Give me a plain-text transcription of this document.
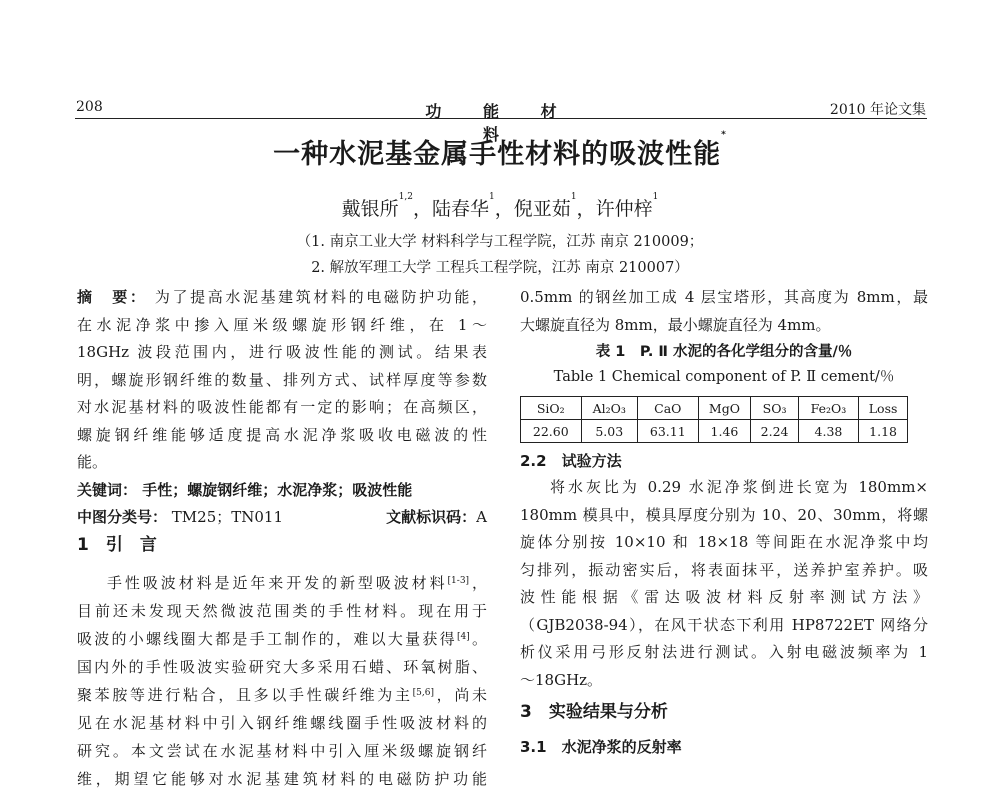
208	功 能 材 料
2010 年论文集
一种水泥基金属手性材料的吸波性能*
戴银所$^{1,2}$，陆春华$^1$，倪亚茹$^1$，许仲梓$^1$
（1. 南京工业大学 材料科学与工程学院，江苏 南京 210009；
2. 解放军理工大学 工程兵工程学院，江苏 南京 210007）
摘　要： 为了提高水泥基建筑材料的电磁防护功能，
在水泥净浆中掺入厘米级螺旋形钢纤维，在 1～
18GHz 波段范围内，进行吸波性能的测试。结果表
明，螺旋形钢纤维的数量、排列方式、试样厚度等参数
对水泥基材料的吸波性能都有一定的影响；在高频区，
螺旋钢纤维能够适度提高水泥净浆吸收电磁波的性
能。
关键词： 手性；螺旋钢纤维；水泥净浆；吸波性能
中图分类号： TM25；TN011	文献标识码：A
1　引　言
手性吸波材料是近年来开发的新型吸波材料[1-3]，
目前还未发现天然微波范围类的手性材料。现在用于
吸波的小螺线圈大都是手工制作的，难以大量获得[4]。
国内外的手性吸波实验研究大多采用石蜡、环氧树脂、
聚苯胺等进行粘合，且多以手性碳纤维为主[5,6]，尚未
见在水泥基材料中引入钢纤维螺线圈手性吸波材料的
研究。本文尝试在水泥基材料中引入厘米级螺旋钢纤
维，期望它能够对水泥基建筑材料的电磁防护功能
0.5mm 的钢丝加工成 4 层宝塔形，其高度为 8mm，最
大螺旋直径为 8mm，最小螺旋直径为 4mm。
表 1　P. Ⅱ 水泥的各化学组分的含量/％
Table 1 Chemical component of P. Ⅱ cement/％
SiO₂	Al₂O₃	CaO	MgO	SO₃	Fe₂O₃	Loss
22.60	5.03	63.11	1.46	2.24	4.38	1.18
2.2　试验方法
将水灰比为 0.29 水泥净浆倒进长宽为 180mm×
180mm 模具中，模具厚度分别为 10、20、30mm，将螺
旋体分别按 10×10 和 18×18 等间距在水泥净浆中均
匀排列，振动密实后，将表面抹平，送养护室养护。吸
波性能根据《雷达吸波材料反射率测试方法》
（GJB2038-94），在风干状态下利用 HP8722ET 网络分
析仪采用弓形反射法进行测试。入射电磁波频率为 1
～18GHz。
3　实验结果与分析
3.1　水泥净浆的反射率
